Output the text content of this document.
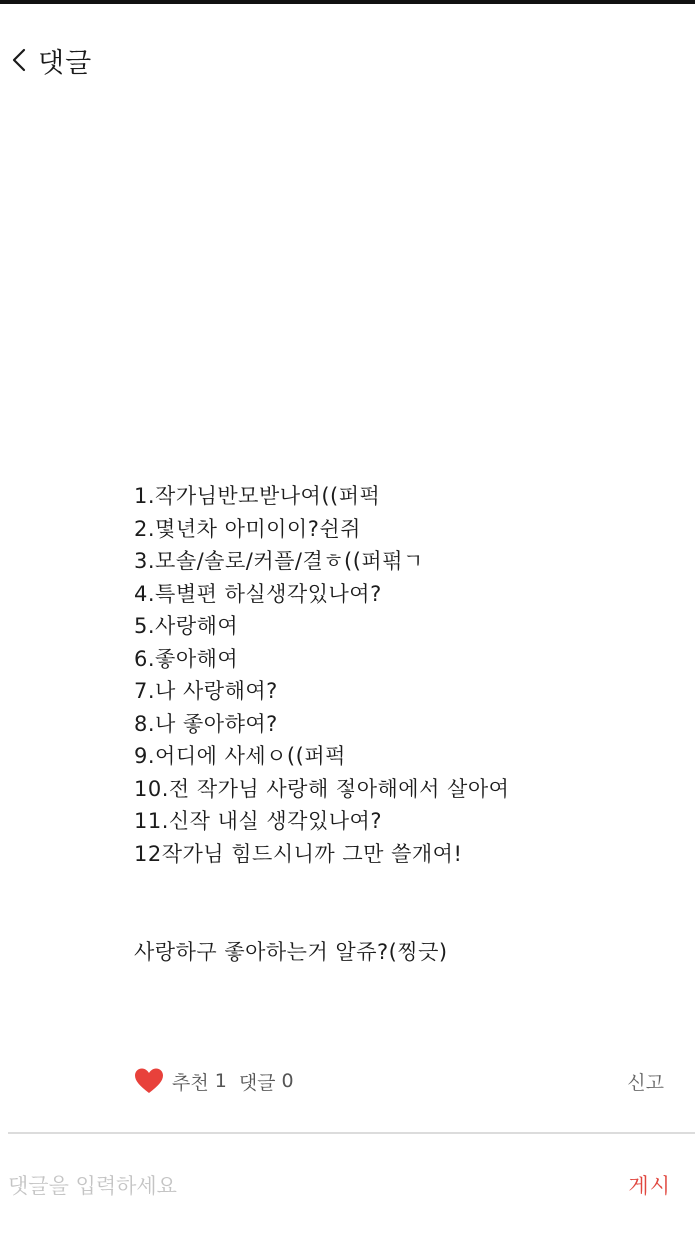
댓글
1.작가님반모받나여((퍼퍽
2.몇년차 아미이이?쉰쥐
3.모솔/솔로/커플/결ㅎ((퍼퍾ㄱ
4.특별편 하실생각있나여?
5.사랑해여
6.좋아해여
7.나 사랑해여?
8.나 좋아햐여?
9.어디에 사세ㅇ((퍼퍽
10.전 작가님 사랑해 젛아해에서 살아여
11.신작 내실 생각있나여?
12작가님 힘드시니까 그만 쓸개여!
사랑하구 좋아하는거 알쥬?(찡긋)
추천 1 댓글 0	신고
댓글을 입력하세요
게시
